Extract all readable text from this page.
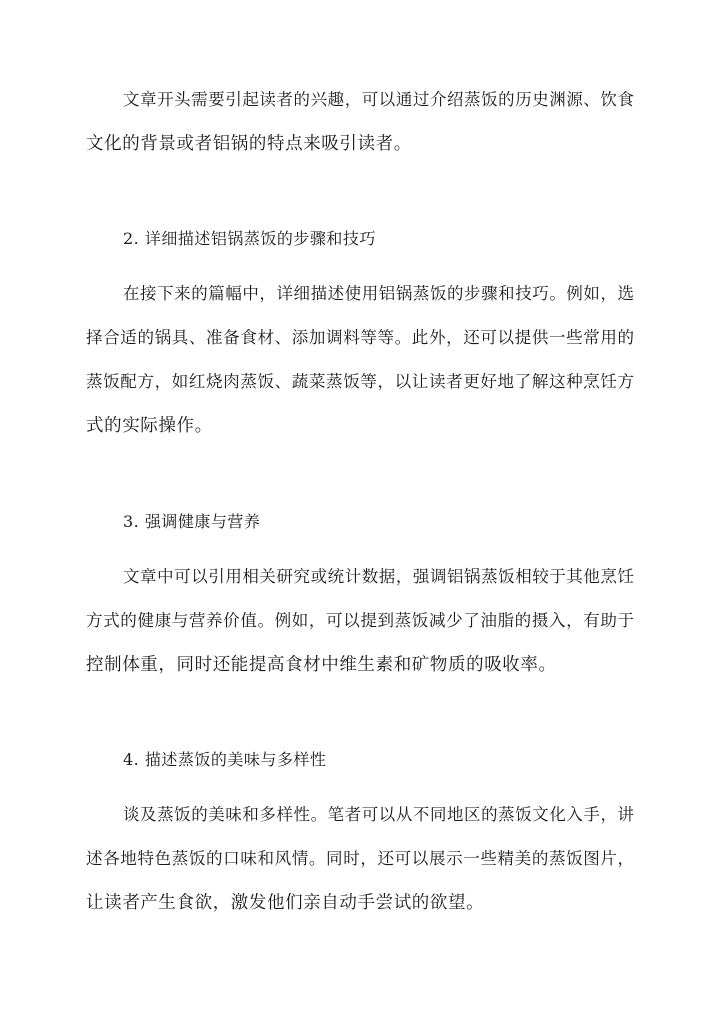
文章开头需要引起读者的兴趣，可以通过介绍蒸饭的历史渊源、饮食

文化的背景或者铝锅的特点来吸引读者。

2. 详细描述铝锅蒸饭的步骤和技巧

在接下来的篇幅中，详细描述使用铝锅蒸饭的步骤和技巧。例如，选

择合适的锅具、准备食材、添加调料等等。此外，还可以提供一些常用的

蒸饭配方，如红烧肉蒸饭、蔬菜蒸饭等，以让读者更好地了解这种烹饪方

式的实际操作。

3. 强调健康与营养

文章中可以引用相关研究或统计数据，强调铝锅蒸饭相较于其他烹饪

方式的健康与营养价值。例如，可以提到蒸饭减少了油脂的摄入，有助于

控制体重，同时还能提高食材中维生素和矿物质的吸收率。

4. 描述蒸饭的美味与多样性

谈及蒸饭的美味和多样性。笔者可以从不同地区的蒸饭文化入手，讲

述各地特色蒸饭的口味和风情。同时，还可以展示一些精美的蒸饭图片，

让读者产生食欲，激发他们亲自动手尝试的欲望。
